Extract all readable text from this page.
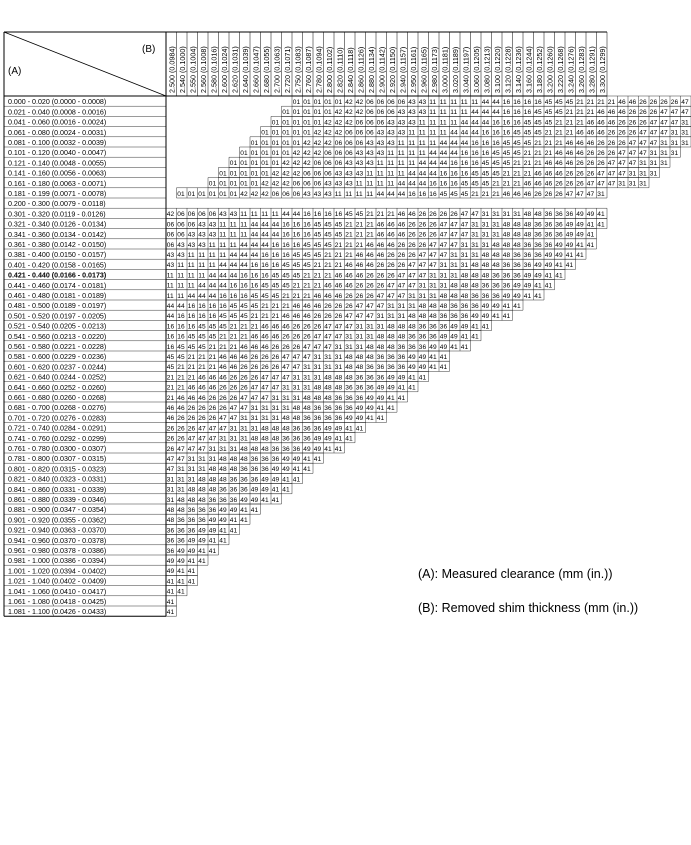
01 01 01 01 01 42 42 06 06 06 06 43 43 11 11 11 11 11 44 44 16 16 16 16 45 45 45 21 21 21 21 46 46 26 26 26 26 47
01 01 01 01 01 42 42 42 06 06 06 43 43 43 11 11 11 11 44 44 44 16 16 16 45 45 45 21 21 21 46 46 46 26 26 26 47 47 47
01 01 01 01 01 42 42 42 06 06 06 43 43 43 11 11 11 11 44 44 44 16 16 16 45 45 45 21 21 21 46 46 46 26 26 26 47 47 47 31
01 01 01 01 01 42 42 42 06 06 06 43 43 43 11 11 11 11 44 44 44 16 16 16 45 45 45 21 21 21 46 46 46 26 26 26 47 47 47 31 31
01 01 01 01 01 42 42 42 06 06 06 43 43 43 11 11 11 11 44 44 44 16 16 16 45 45 45 21 21 21 46 46 46 26 26 26 47 47 47 31 31 31
01 01 01 01 01 42 42 42 06 06 06 43 43 43 11 11 11 11 44 44 44 16 16 16 45 45 45 21 21 21 46 46 46 26 26 26 47 47 47 31 31 31
01 01 01 01 01 42 42 42 06 06 06 43 43 43 11 11 11 11 44 44 44 16 16 16 45 45 45 21 21 21 46 46 46 26 26 26 47 47 47 31 31 31
01 01 01 01 01 42 42 42 06 06 06 43 43 43 11 11 11 11 44 44 44 16 16 16 45 45 45 21 21 21 46 46 46 26 26 26 47 47 47 31 31 31
01 01 01 01 01 42 42 42 06 06 06 43 43 43 11 11 11 11 44 44 44 16 16 16 45 45 45 21 21 21 46 46 46 26 26 26 47 47 47 31 31 31
01 01 01 01 01 01 42 42 42 06 06 06 43 43 43 11 11 11 11 44 44 44 16 16 16 45 45 45 21 21 21 46 46 46 26 26 26 47 47 47 31
42 06 06 06 06 43 43 11 11 11 11 44 44 16 16 16 16 45 45 21 21 21 46 46 26 26 26 26 47 47 31 31 31 31 48 48 36 36 36 49 49 41
06 06 06 43 43 11 11 11 44 44 44 16 16 16 45 45 45 21 21 21 46 46 46 26 26 26 47 47 47 31 31 31 48 48 48 36 36 36 49 49 41 41
06 06 43 43 43 11 11 11 44 44 44 16 16 16 45 45 45 21 21 21 46 46 46 26 26 26 47 47 47 31 31 31 48 48 48 36 36 36 49 49 41
06 43 43 43 11 11 11 44 44 44 16 16 16 45 45 45 21 21 21 46 46 46 26 26 26 47 47 47 31 31 31 48 48 48 36 36 36 49 49 41 41
43 43 11 11 11 11 44 44 44 16 16 16 45 45 45 21 21 21 46 46 46 26 26 26 47 47 47 31 31 31 48 48 48 36 36 36 49 49 41 41
43 11 11 11 11 44 44 44 16 16 16 45 45 45 21 21 21 46 46 46 26 26 26 47 47 47 31 31 31 48 48 48 36 36 36 49 49 41 41
11 11 11 11 44 44 44 16 16 16 45 45 45 21 21 21 46 46 46 26 26 26 47 47 47 31 31 31 48 48 48 36 36 36 49 49 41 41
11 11 11 44 44 44 16 16 16 45 45 45 21 21 21 46 46 46 26 26 26 47 47 47 31 31 31 48 48 48 36 36 36 49 49 41 41
11 11 44 44 44 16 16 16 45 45 45 21 21 21 46 46 46 26 26 26 47 47 47 31 31 31 48 48 48 36 36 36 49 49 41 41
44 44 16 16 16 16 45 45 45 21 21 21 46 46 46 26 26 26 47 47 47 31 31 31 48 48 48 36 36 36 49 49 41 41
44 16 16 16 16 45 45 45 21 21 21 46 46 46 26 26 26 47 47 47 31 31 31 48 48 48 36 36 36 49 49 41 41
16 16 16 45 45 45 21 21 21 46 46 46 26 26 26 47 47 47 31 31 31 48 48 48 36 36 36 49 49 41 41
16 16 45 45 45 21 21 21 46 46 46 26 26 26 47 47 47 31 31 31 48 48 48 36 36 36 49 49 41 41
16 45 45 45 21 21 21 46 46 46 26 26 26 47 47 47 31 31 31 48 48 48 36 36 36 49 49 41 41
45 45 21 21 21 46 46 46 26 26 26 47 47 47 31 31 31 48 48 48 36 36 36 49 49 41 41
45 21 21 21 21 46 46 26 26 26 26 47 47 31 31 31 31 48 48 36 36 36 36 49 49 41 41
21 21 21 46 46 46 26 26 26 47 47 47 31 31 31 48 48 48 36 36 36 49 49 41 41
21 21 46 46 46 26 26 26 47 47 47 31 31 31 48 48 48 36 36 36 49 49 41 41
21 46 46 46 26 26 26 47 47 47 31 31 31 48 48 48 36 36 36 49 49 41 41
46 46 26 26 26 26 47 47 31 31 31 31 48 48 36 36 36 36 49 49 41 41
46 26 26 26 26 47 47 31 31 31 31 48 48 36 36 36 36 49 49 41 41
26 26 26 47 47 47 31 31 31 48 48 48 36 36 36 49 49 41 41
26 26 47 47 47 31 31 31 48 48 48 36 36 36 49 49 41 41
26 47 47 47 31 31 31 48 48 48 36 36 36 49 49 41 41
47 47 31 31 31 48 48 48 36 36 36 49 49 41 41
47 31 31 31 48 48 48 36 36 36 49 49 41 41
31 31 31 48 48 48 36 36 36 49 49 41 41
31 31 48 48 48 36 36 36 49 49 41 41
31 48 48 48 36 36 36 49 49 41 41
48 48 36 36 36 49 49 41 41
48 36 36 36 49 49 41 41
36 36 36 49 49 41 41
36 36 49 49 41 41
36 49 49 41 41
49 49 41 41
49 41 41
41 41 41
41 41
41
41
2.500 (0.0984) 2.540 (0.1000) 2.550 (0.1004) 2.560 (0.1008) 2.580 (0.1016) 2.600 (0.1024) 2.620 (0.1031) 2.640 (0.1039) 2.660 (0.1047) 2.680 (0.1055) 2.700 (0.1063) 2.720 (0.1071) 2.750 (0.1083) 2.760 (0.1087) 2.780 (0.1094) 2.800 (0.1102) 2.820 (0.1110) 2.840 (0.1118) 2.860 (0.1126) 2.880 (0.1134) 2.900 (0.1142) 2.920 (0.1150) 2.940 (0.1157) 2.950 (0.1161) 2.960 (0.1165) 2.980 (0.1173) 3.000 (0.1181) 3.020 (0.1189) 3.040 (0.1197) 3.060 (0.1205) 3.080 (0.1213) 3.100 (0.1220) 3.120 (0.1228) 3.140 (0.1236) 3.160 (0.1244) 3.180 (0.1252) 3.200 (0.1260) 3.220 (0.1268) 3.240 (0.1276) 3.260 (0.1283) 3.280 (0.1291) 3.300 (0.1299)
0.000 - 0.020 (0.0000 - 0.0008)
0.021 - 0.040 (0.0008 - 0.0016)
0.041 - 0.060 (0.0016 - 0.0024)
0.061 - 0.080 (0.0024 - 0.0031)
0.081 - 0.100 (0.0032 - 0.0039)
0.101 - 0.120 (0.0040 - 0.0047)
0.121 - 0.140 (0.0048 - 0.0055)
0.141 - 0.160 (0.0056 - 0.0063)
0.161 - 0.180 (0.0063 - 0.0071)
0.181 - 0.199 (0.0071 - 0.0078)
0.200 - 0.300 (0.0079 - 0.0118)
0.301 - 0.320 (0.0119 - 0.0126)
0.321 - 0.340 (0.0126 - 0.0134)
0.341 - 0.360 (0.0134 - 0.0142)
0.361 - 0.380 (0.0142 - 0.0150)
0.381 - 0.400 (0.0150 - 0.0157)
0.401 - 0.420 (0.0158 - 0.0165)
0.421 - 0.440 (0.0166 - 0.0173)
0.441 - 0.460 (0.0174 - 0.0181)
0.461 - 0.480 (0.0181 - 0.0189)
0.481 - 0.500 (0.0189 - 0.0197)
0.501 - 0.520 (0.0197 - 0.0205)
0.521 - 0.540 (0.0205 - 0.0213)
0.541 - 0.560 (0.0213 - 0.0220)
0.561 - 0.580 (0.0221 - 0.0228)
0.581 - 0.600 (0.0229 - 0.0236)
0.601 - 0.620 (0.0237 - 0.0244)
0.621 - 0.640 (0.0244 - 0.0252)
0.641 - 0.660 (0.0252 - 0.0260)
0.661 - 0.680 (0.0260 - 0.0268)
0.681 - 0.700 (0.0268 - 0.0276)
0.701 - 0.720 (0.0276 - 0.0283)
0.721 - 0.740 (0.0284 - 0.0291)
0.741 - 0.760 (0.0292 - 0.0299)
0.761 - 0.780 (0.0300 - 0.0307)
0.781 - 0.800 (0.0307 - 0.0315)
0.801 - 0.820 (0.0315 - 0.0323)
0.821 - 0.840 (0.0323 - 0.0331)
0.841 - 0.860 (0.0331 - 0.0339)
0.861 - 0.880 (0.0339 - 0.0346)
0.881 - 0.900 (0.0347 - 0.0354)
0.901 - 0.920 (0.0355 - 0.0362)
0.921 - 0.940 (0.0363 - 0.0370)
0.941 - 0.960 (0.0370 - 0.0378)
0.961 - 0.980 (0.0378 - 0.0386)
0.981 - 1.000 (0.0386 - 0.0394)
1.001 - 1.020 (0.0394 - 0.0402)
1.021 - 1.040 (0.0402 - 0.0409)
1.041 - 1.060 (0.0410 - 0.0417)
1.061 - 1.080 (0.0418 - 0.0425)
1.081 - 1.100 (0.0426 - 0.0433)
(A)
(B)
(A): Measured clearance (mm (in.))
(B): Removed shim thickness (mm (in.))
